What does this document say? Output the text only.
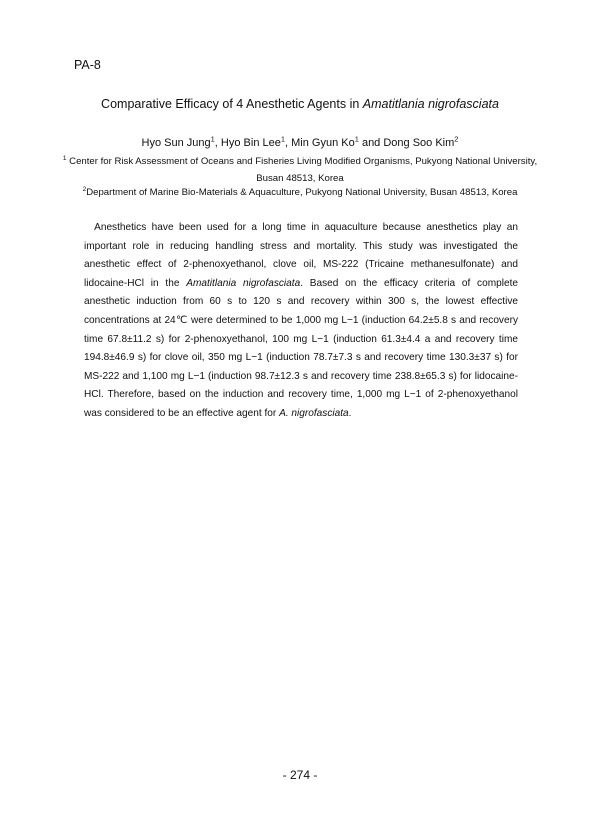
PA-8
Comparative Efficacy of 4 Anesthetic Agents in Amatitlania nigrofasciata
Hyo Sun Jung$^1$, Hyo Bin Lee$^1$, Min Gyun Ko$^1$ and Dong Soo Kim$^2$
$^1$ Center for Risk Assessment of Oceans and Fisheries Living Modified Organisms, Pukyong National University, Busan 48513, Korea
$^2$Department of Marine Bio-Materials & Aquaculture, Pukyong National University, Busan 48513, Korea
 Anesthetics have been used for a long time in aquaculture because anesthetics play an important role in reducing handling stress and mortality. This study was investigated the anesthetic effect of 2-phenoxyethanol, clove oil, MS-222 (Tricaine methanesulfonate) and lidocaine-HCl in the Amatitlania nigrofasciata. Based on the efficacy criteria of complete anesthetic induction from 60 s to 120 s and recovery within 300 s, the lowest effective concentrations at 24℃ were determined to be 1,000 mg L−1 (induction 64.2±5.8 s and recovery time 67.8±11.2 s) for 2-phenoxyethanol, 100 mg L−1 (induction 61.3±4.4 a and recovery time 194.8±46.9 s) for clove oil, 350 mg L−1 (induction 78.7±7.3 s and recovery time 130.3±37 s) for MS-222 and 1,100 mg L−1 (induction 98.7±12.3 s and recovery time 238.8±65.3 s) for lidocaine-HCl. Therefore, based on the induction and recovery time, 1,000 mg L−1 of 2-phenoxyethanol was considered to be an effective agent for A. nigrofasciata.
- 274 -
